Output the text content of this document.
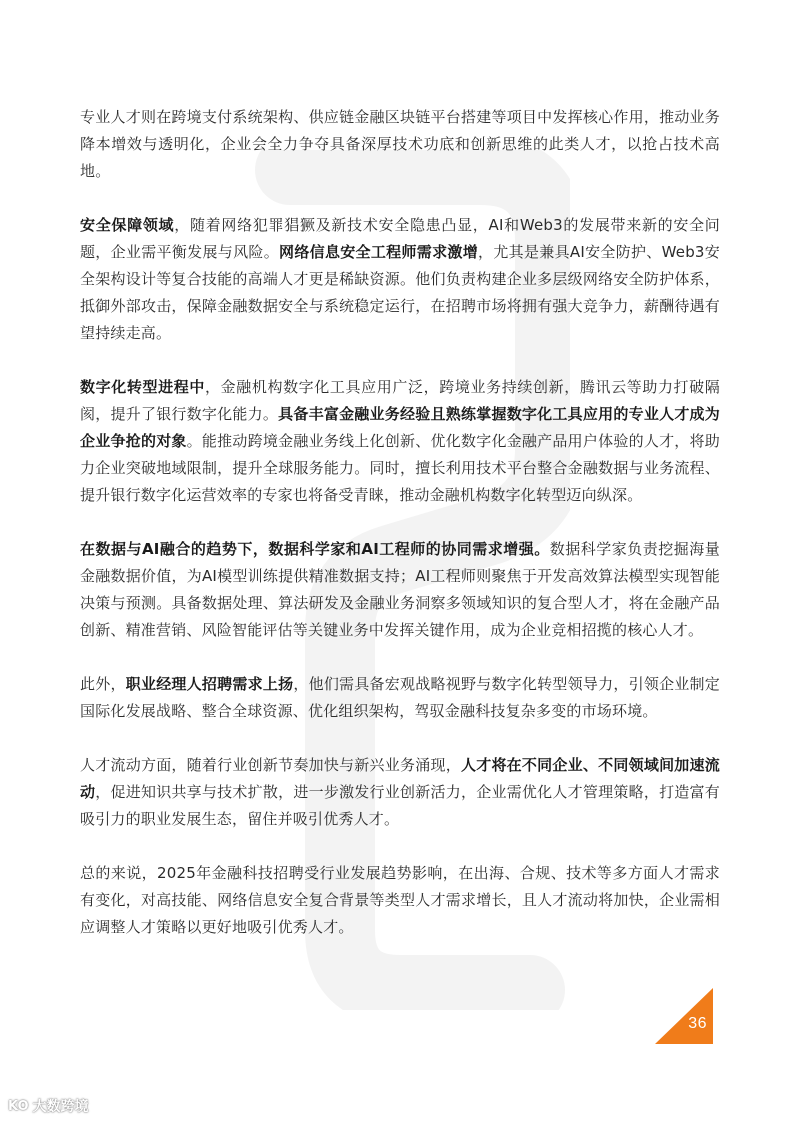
专业人才则在跨境支付系统架构、供应链金融区块链平台搭建等项目中发挥核心作用，推动业务降本增效与透明化，企业会全力争夺具备深厚技术功底和创新思维的此类人才，以抢占技术高地。

安全保障领域，随着网络犯罪猖獗及新技术安全隐患凸显，AI和Web3的发展带来新的安全问题，企业需平衡发展与风险。网络信息安全工程师需求激增，尤其是兼具AI安全防护、Web3安全架构设计等复合技能的高端人才更是稀缺资源。他们负责构建企业多层级网络安全防护体系，抵御外部攻击，保障金融数据安全与系统稳定运行，在招聘市场将拥有强大竞争力，薪酬待遇有望持续走高。

数字化转型进程中，金融机构数字化工具应用广泛，跨境业务持续创新，腾讯云等助力打破隔阂，提升了银行数字化能力。具备丰富金融业务经验且熟练掌握数字化工具应用的专业人才成为企业争抢的对象。能推动跨境金融业务线上化创新、优化数字化金融产品用户体验的人才，将助力企业突破地域限制，提升全球服务能力。同时，擅长利用技术平台整合金融数据与业务流程、提升银行数字化运营效率的专家也将备受青睐，推动金融机构数字化转型迈向纵深。

在数据与AI融合的趋势下，数据科学家和AI工程师的协同需求增强。数据科学家负责挖掘海量金融数据价值，为AI模型训练提供精准数据支持；AI工程师则聚焦于开发高效算法模型实现智能决策与预测。具备数据处理、算法研发及金融业务洞察多领域知识的复合型人才，将在金融产品创新、精准营销、风险智能评估等关键业务中发挥关键作用，成为企业竞相招揽的核心人才。

此外，职业经理人招聘需求上扬，他们需具备宏观战略视野与数字化转型领导力，引领企业制定国际化发展战略、整合全球资源、优化组织架构，驾驭金融科技复杂多变的市场环境。

人才流动方面，随着行业创新节奏加快与新兴业务涌现，人才将在不同企业、不同领域间加速流动，促进知识共享与技术扩散，进一步激发行业创新活力，企业需优化人才管理策略，打造富有吸引力的职业发展生态，留住并吸引优秀人才。

总的来说，2025年金融科技招聘受行业发展趋势影响，在出海、合规、技术等多方面人才需求有变化，对高技能、网络信息安全复合背景等类型人才需求增长，且人才流动将加快，企业需相应调整人才策略以更好地吸引优秀人才。

36
KO 大数跨境
